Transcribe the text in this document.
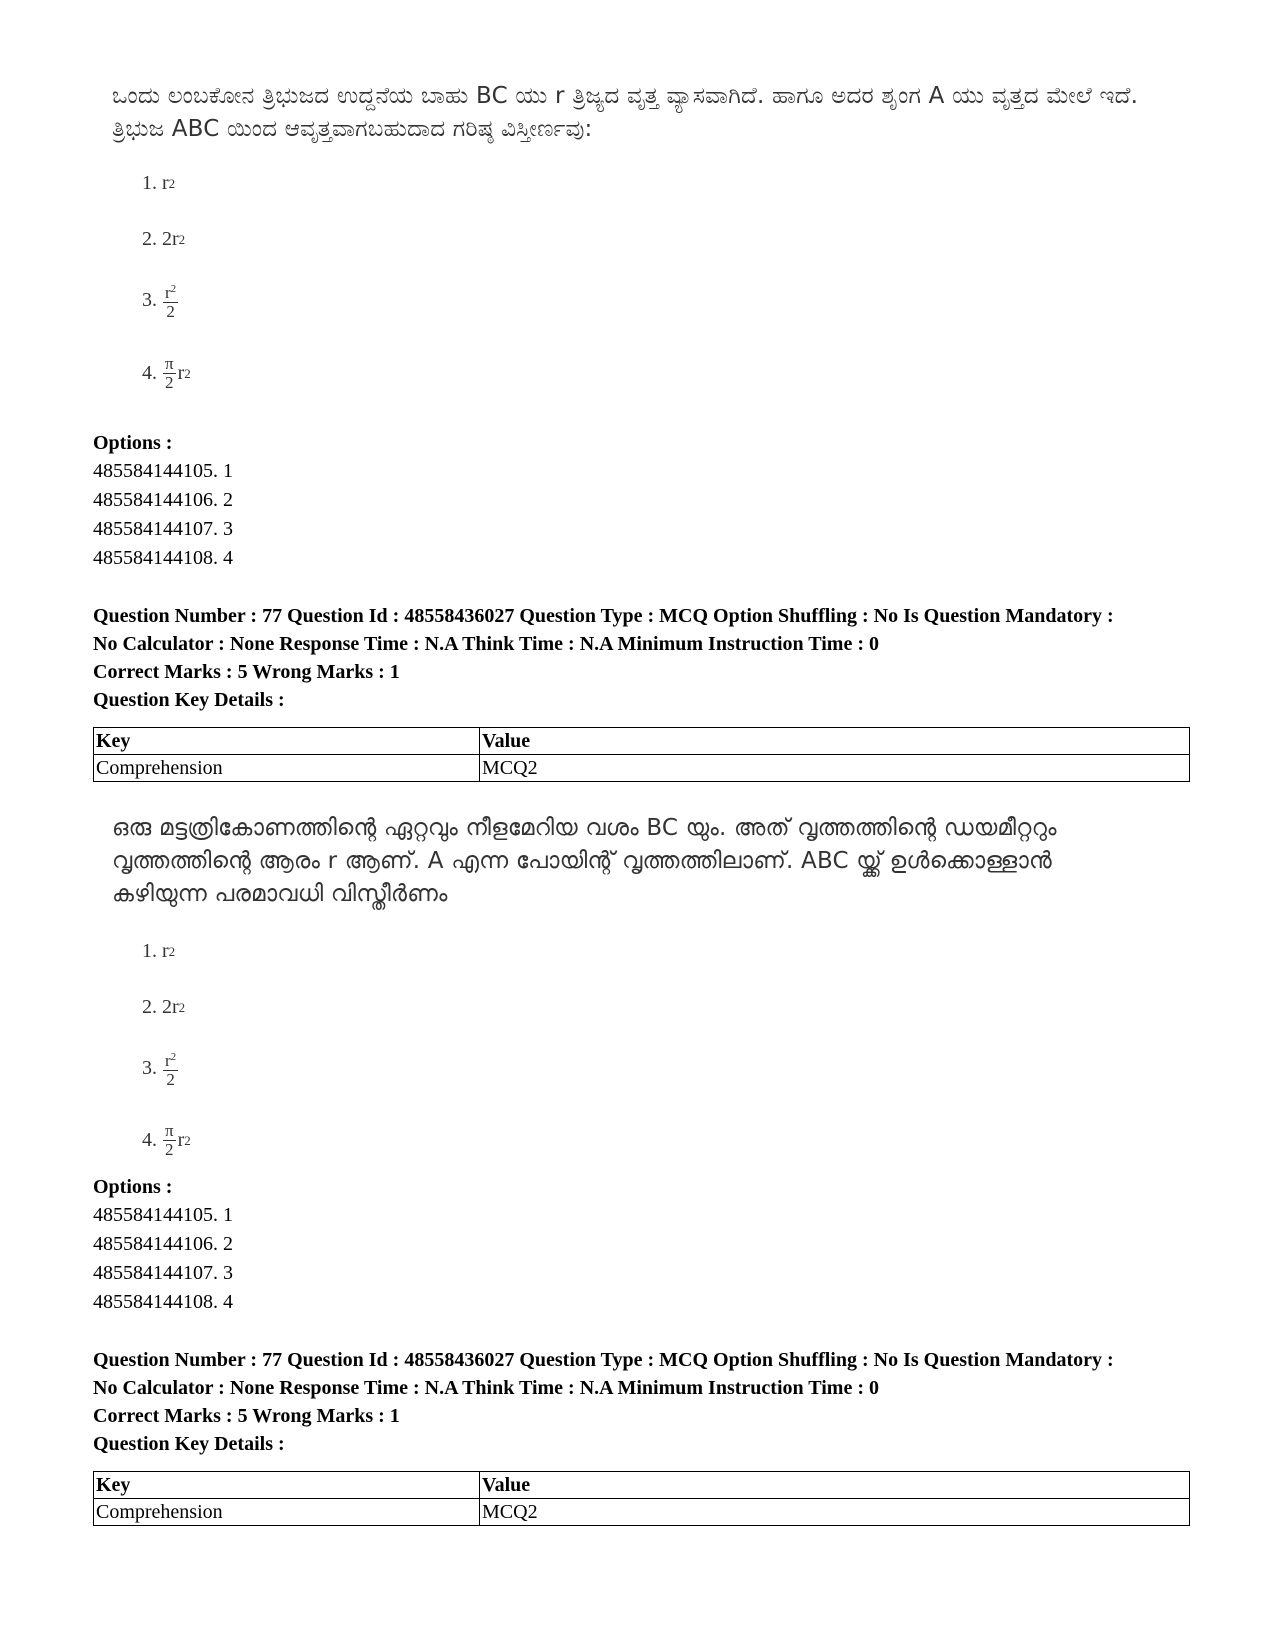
ಒಂದು ಲಂಬಕೋನ ತ್ರಿಭುಜದ ಉದ್ದನೆಯ ಬಾಹು BC ಯು r ತ್ರಿಜ್ಯದ ವೃತ್ತ ವ್ಯಾಸವಾಗಿದೆ. ಹಾಗೂ ಅದರ ಶೃಂಗ A ಯು ವೃತ್ತದ ಮೇಲೆ ಇದೆ. ತ್ರಿಭುಜ ABC ಯಿಂದ ಆವೃತ್ತವಾಗಬಹುದಾದ ಗರಿಷ್ಠ ವಿಸ್ತೀರ್ಣವು:
1.
r 2
2.
2r 2
3. $\frac{r^2}{2}$
4. $\frac{\pi}{2}$ r 2
Options :
485584144105. 1
485584144106. 2
485584144107. 3
485584144108. 4
Question Number : 77 Question Id : 48558436027 Question Type : MCQ Option Shuffling : No Is Question Mandatory :
No Calculator : None Response Time : N.A Think Time : N.A Minimum Instruction Time : 0
Correct Marks : 5 Wrong Marks : 1
Question Key Details :
Key	Value
Comprehension	MCQ2
ഒരു മട്ടത്രികോണത്തിന്റെ ഏറ്റവും നീളമേറിയ വശം BC യും. അത് വൃത്തത്തിന്റെ ഡയമീറ്ററും വൃത്തത്തിന്റെ ആരം r ആണ്. A എന്ന പോയിന്റ് വൃത്തത്തിലാണ്. ABC യ്ക്ക് ഉൾക്കൊള്ളാൻ കഴിയുന്ന പരമാവധി വിസ്തീർണം
1.
r 2
2.
2r 2
3. $\frac{r^2}{2}$
4. $\frac{\pi}{2}$ r 2
Options :
485584144105. 1
485584144106. 2
485584144107. 3
485584144108. 4
Question Number : 77 Question Id : 48558436027 Question Type : MCQ Option Shuffling : No Is Question Mandatory :
No Calculator : None Response Time : N.A Think Time : N.A Minimum Instruction Time : 0
Correct Marks : 5 Wrong Marks : 1
Question Key Details :
Key	Value
Comprehension	MCQ2
